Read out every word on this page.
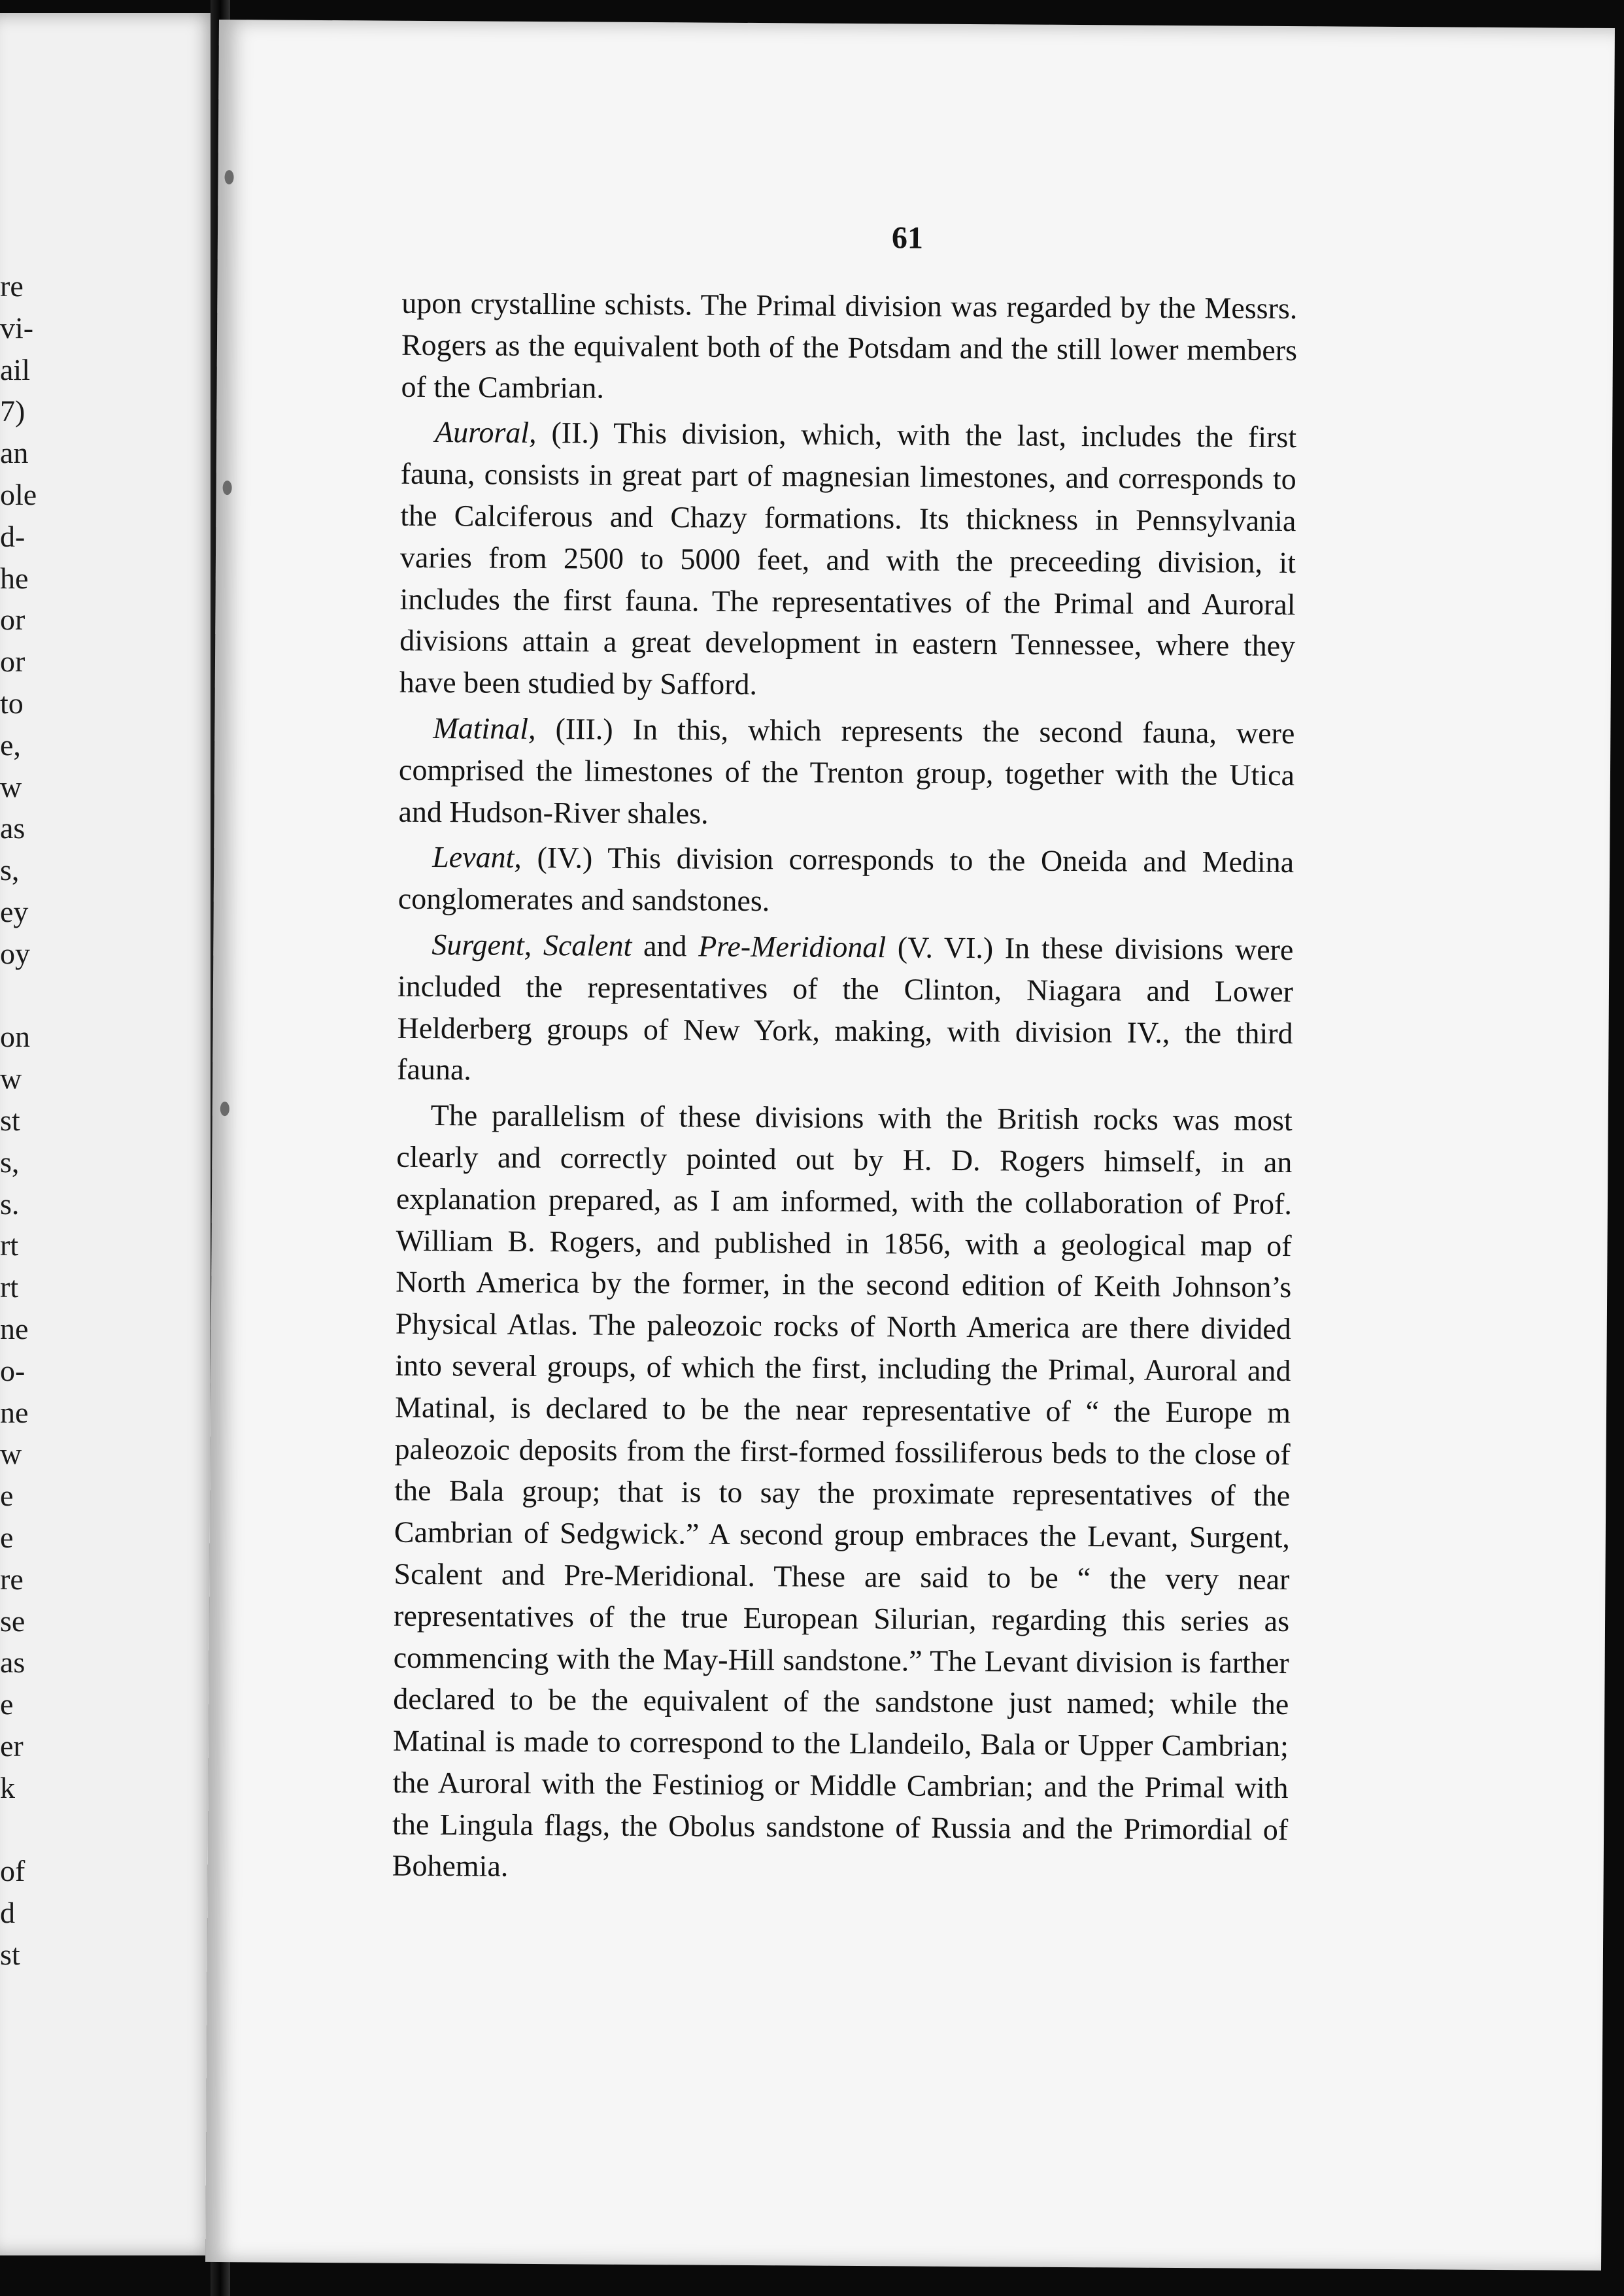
re
vi-
ail
7)
an
ole
d-
he
or
or
to
e,
w
as
s,
ey
oy
on
w
st
s,
s.
rt
rt
ne
o-
ne
w
e
e
re
se
as
e
er
k
of
d
st
61

upon crystalline schists. The Primal division was regarded by the Messrs. Rogers as the equivalent both of the Potsdam and the still lower members of the Cambrian.

Auroral, (II.) This division, which, with the last, includes the first fauna, consists in great part of magnesian limestones, and corresponds to the Calciferous and Chazy formations. Its thickness in Pennsylvania varies from 2500 to 5000 feet, and with the preceeding division, it includes the first fauna. The representatives of the Primal and Auroral divisions attain a great development in eastern Tennessee, where they have been studied by Safford.

Matinal, (III.) In this, which represents the second fauna, were comprised the limestones of the Trenton group, together with the Utica and Hudson-River shales.

Levant, (IV.) This division corresponds to the Oneida and Medina conglomerates and sandstones.

Surgent, Scalent and Pre-Meridional (V. VI.) In these divisions were included the representatives of the Clinton, Niagara and Lower Helderberg groups of New York, making, with division IV., the third fauna.

The parallelism of these divisions with the British rocks was most clearly and correctly pointed out by H. D. Rogers himself, in an explanation prepared, as I am informed, with the collaboration of Prof. William B. Rogers, and published in 1856, with a geological map of North America by the former, in the second edition of Keith Johnson’s Physical Atlas. The paleozoic rocks of North America are there divided into several groups, of which the first, including the Primal, Auroral and Matinal, is declared to be the near representative of “ the Europe m paleozoic deposits from the first-formed fossiliferous beds to the close of the Bala group; that is to say the proximate representatives of the Cambrian of Sedgwick.” A second group embraces the Levant, Surgent, Scalent and Pre-Meridional. These are said to be “ the very near representatives of the true European Silurian, regarding this series as commencing with the May-Hill sandstone.” The Levant division is farther declared to be the equivalent of the sandstone just named; while the Matinal is made to correspond to the Llandeilo, Bala or Upper Cambrian; the Auroral with the Festiniog or Middle Cambrian; and the Primal with the Lingula flags, the Obolus sandstone of Russia and the Primordial of Bohemia.
